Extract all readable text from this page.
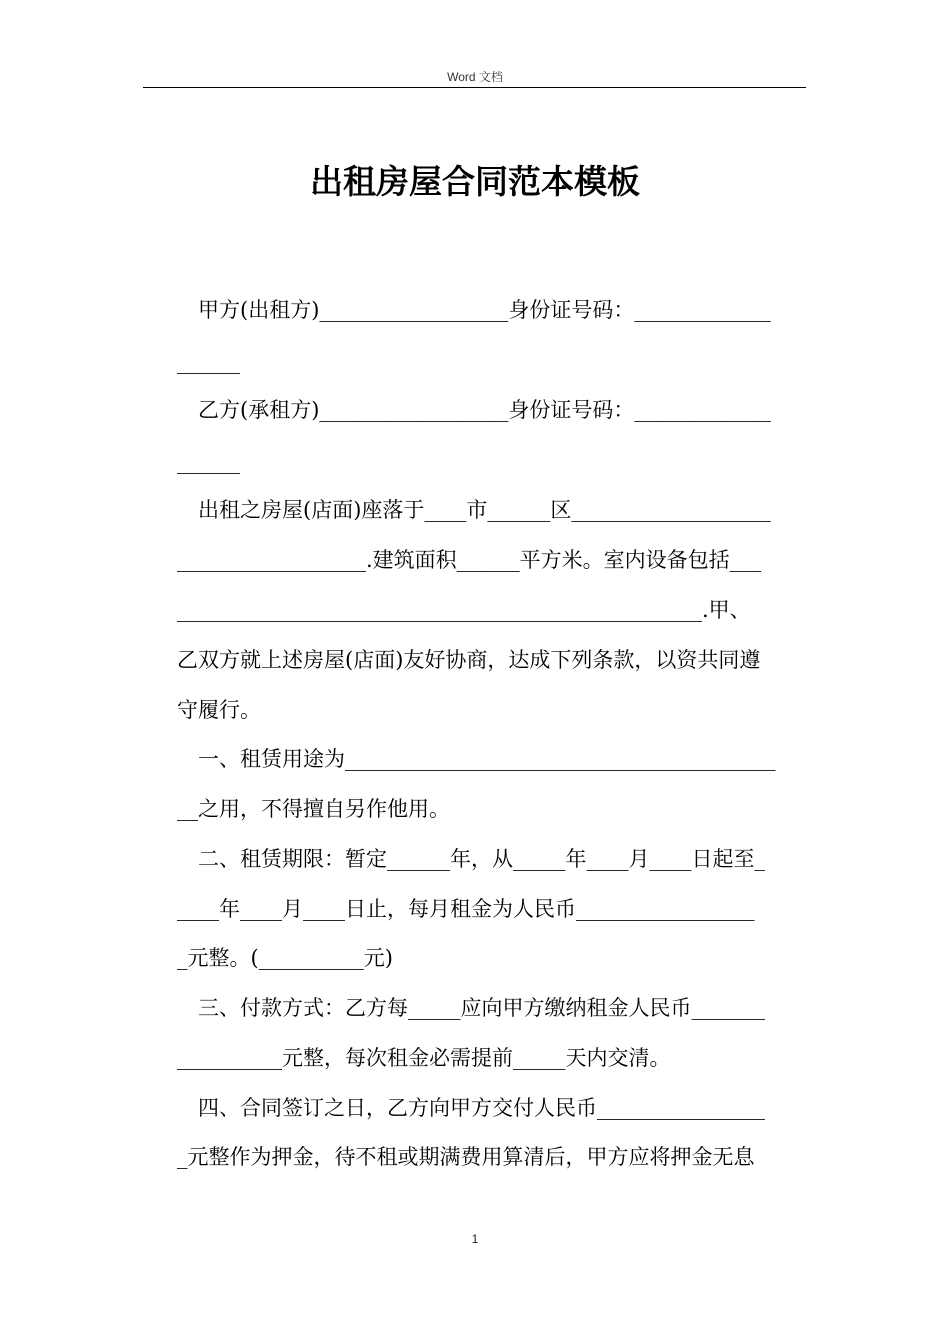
Word 文档
出租房屋合同范本模板
　甲方(出租方)__________________身份证号码：_____________
______
　乙方(承租方)__________________身份证号码：_____________
______
　出租之房屋(店面)座落于____市______区___________________
__________________.建筑面积______平方米。室内设备包括___
__________________________________________________.甲、
乙双方就上述房屋(店面)友好协商，达成下列条款，以资共同遵
守履行。
　一、租赁用途为_________________________________________
__之用，不得擅自另作他用。
　二、租赁期限：暂定______年，从_____年____月____日起至_
____年____月____日止，每月租金为人民币_________________
_元整。(__________元)
　三、付款方式：乙方每_____应向甲方缴纳租金人民币_______
__________元整，每次租金必需提前_____天内交清。
　四、合同签订之日，乙方向甲方交付人民币________________
_元整作为押金，待不租或期满费用算清后，甲方应将押金无息
1
